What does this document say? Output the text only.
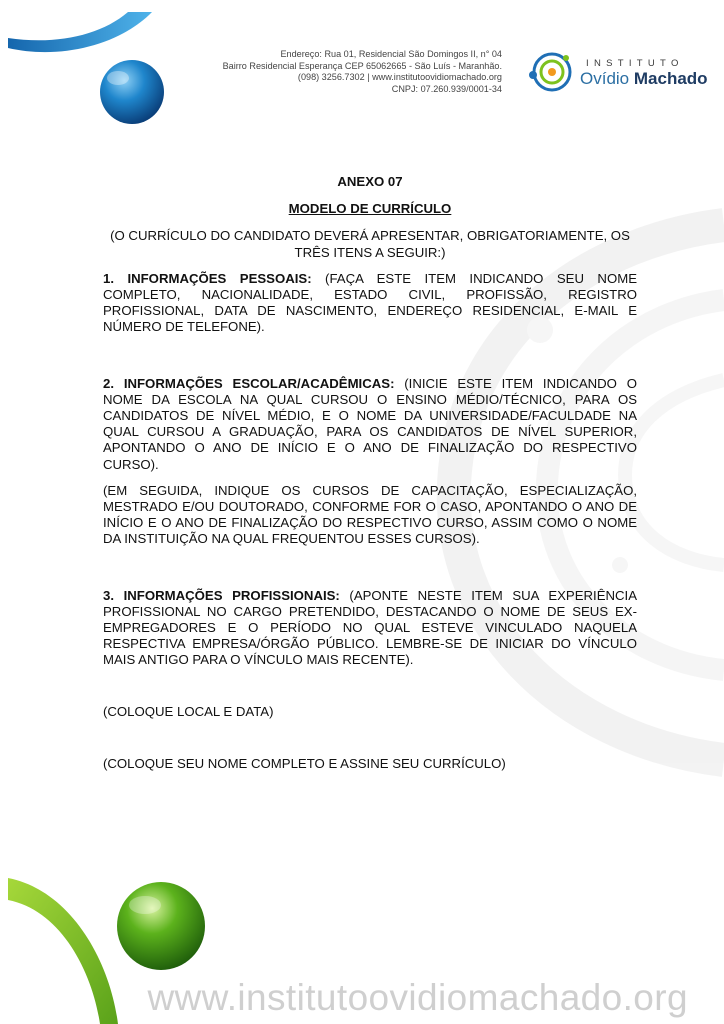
Endereço: Rua 01, Residencial São Domingos II, n° 04
Bairro Residencial Esperança CEP 65062665 - São Luís - Maranhão.
(098) 3256.7302 | www.institutoovidiomachado.org
CNPJ: 07.260.939/0001-34
INSTITUTO
Ovídio Machado

ANEXO 07

MODELO DE CURRÍCULO

(O CURRÍCULO DO CANDIDATO DEVERÁ APRESENTAR, OBRIGATORIAMENTE, OS TRÊS ITENS A SEGUIR:)

1. INFORMAÇÕES PESSOAIS: (FAÇA ESTE ITEM INDICANDO SEU NOME COMPLETO, NACIONALIDADE, ESTADO CIVIL, PROFISSÃO, REGISTRO PROFISSIONAL, DATA DE NASCIMENTO, ENDEREÇO RESIDENCIAL, E-MAIL E NÚMERO DE TELEFONE).

2. INFORMAÇÕES ESCOLAR/ACADÊMICAS: (INICIE ESTE ITEM INDICANDO O NOME DA ESCOLA NA QUAL CURSOU O ENSINO MÉDIO/TÉCNICO, PARA OS CANDIDATOS DE NÍVEL MÉDIO, E O NOME DA UNIVERSIDADE/FACULDADE NA QUAL CURSOU A GRADUAÇÃO, PARA OS CANDIDATOS DE NÍVEL SUPERIOR, APONTANDO O ANO DE INÍCIO E O ANO DE FINALIZAÇÃO DO RESPECTIVO CURSO).

(EM SEGUIDA, INDIQUE OS CURSOS DE CAPACITAÇÃO, ESPECIALIZAÇÃO, MESTRADO E/OU DOUTORADO, CONFORME FOR O CASO, APONTANDO O ANO DE INÍCIO E O ANO DE FINALIZAÇÃO DO RESPECTIVO CURSO, ASSIM COMO O NOME DA INSTITUIÇÃO NA QUAL FREQUENTOU ESSES CURSOS).

3. INFORMAÇÕES PROFISSIONAIS: (APONTE NESTE ITEM SUA EXPERIÊNCIA PROFISSIONAL NO CARGO PRETENDIDO, DESTACANDO O NOME DE SEUS EX-EMPREGADORES E O PERÍODO NO QUAL ESTEVE VINCULADO NAQUELA RESPECTIVA EMPRESA/ÓRGÃO PÚBLICO. LEMBRE-SE DE INICIAR DO VÍNCULO MAIS ANTIGO PARA O VÍNCULO MAIS RECENTE).

(COLOQUE LOCAL E DATA)

(COLOQUE SEU NOME COMPLETO E ASSINE SEU CURRÍCULO)

www.institutoovidiomachado.org
